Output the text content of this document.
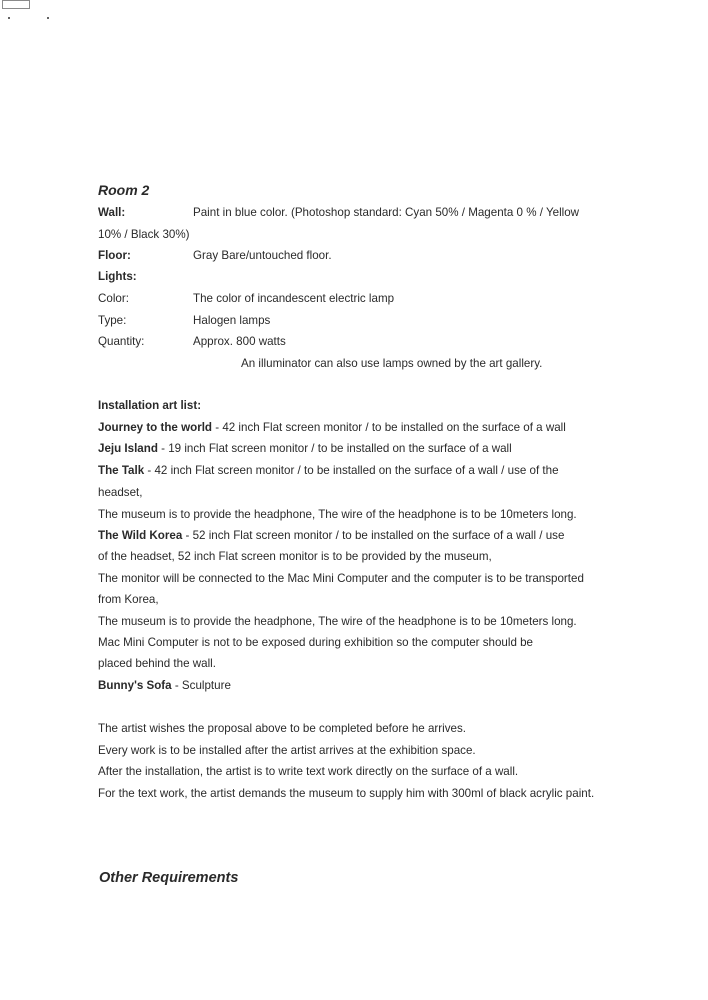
Room 2
Wall:	Paint in blue color. (Photoshop standard: Cyan 50% / Magenta 0 % / Yellow
10% / Black 30%)
Floor:	Gray Bare/untouched floor.
Lights:
Color:	The color of incandescent electric lamp
Type:	Halogen lamps
Quantity:	Approx. 800 watts
An illuminator can also use lamps owned by the art gallery.
Installation art list:
Journey to the world - 42 inch Flat screen monitor / to be installed on the surface of a wall
Jeju Island - 19 inch Flat screen monitor / to be installed on the surface of a wall
The Talk - 42 inch Flat screen monitor / to be installed on the surface of a wall / use of the
headset,
The museum is to provide the headphone, The wire of the headphone is to be 10meters long.
The Wild Korea - 52 inch Flat screen monitor / to be installed on the surface of a wall / use
of the headset, 52 inch Flat screen monitor is to be provided by the museum,
The monitor will be connected to the Mac Mini Computer and the computer is to be transported
from Korea,
The museum is to provide the headphone, The wire of the headphone is to be 10meters long.
Mac Mini Computer is not to be exposed during exhibition so the computer should be
placed behind the wall.
Bunny's Sofa - Sculpture
The artist wishes the proposal above to be completed before he arrives.
Every work is to be installed after the artist arrives at the exhibition space.
After the installation, the artist is to write text work directly on the surface of a wall.
For the text work, the artist demands the museum to supply him with 300ml of black acrylic paint.
Other Requirements
